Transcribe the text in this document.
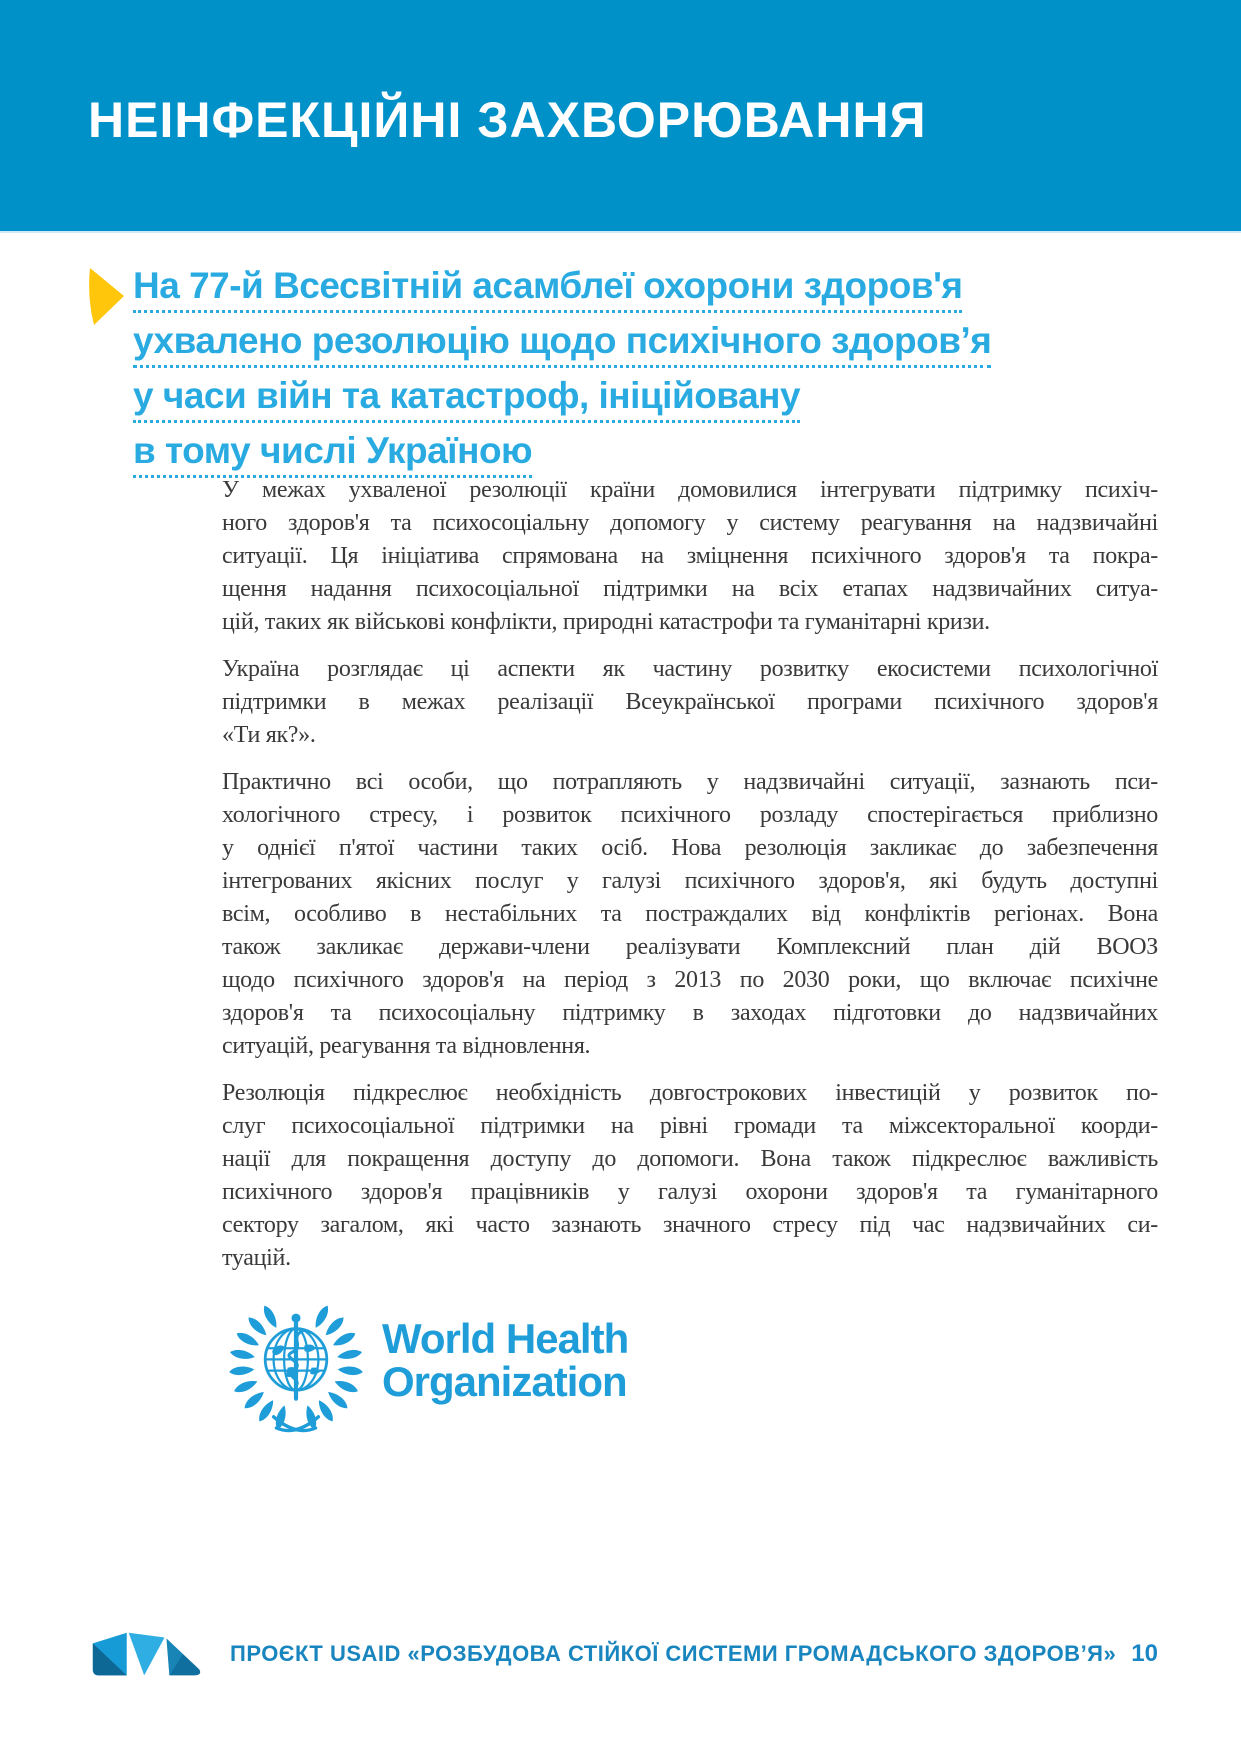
НЕІНФЕКЦІЙНІ ЗАХВОРЮВАННЯ
На 77-й Всесвітній асамблеї охорони здоров'я
ухвалено резолюцію щодо психічного здоров’я
у часи війн та катастроф, ініційовану
в тому числі Україною
У межах ухваленої резолюції країни домовилися інтегрувати підтримку психіч-
ного здоров'я та психосоціальну допомогу у систему реагування на надзвичайні
ситуації. Ця ініціатива спрямована на зміцнення психічного здоров'я та покра-
щення надання психосоціальної підтримки на всіх етапах надзвичайних ситуа-
цій, таких як військові конфлікти, природні катастрофи та гуманітарні кризи.
Україна розглядає ці аспекти як частину розвитку екосистеми психологічної
підтримки в межах реалізації Всеукраїнської програми психічного здоров'я
«Ти як?».
Практично всі особи, що потрапляють у надзвичайні ситуації, зазнають пси-
хологічного стресу, і розвиток психічного розладу спостерігається приблизно
у однієї п'ятої частини таких осіб. Нова резолюція закликає до забезпечення
інтегрованих якісних послуг у галузі психічного здоров'я, які будуть доступні
всім, особливо в нестабільних та постраждалих від конфліктів регіонах. Вона
також закликає держави-члени реалізувати Комплексний план дій ВООЗ
щодо психічного здоров'я на період з 2013 по 2030 роки, що включає психічне
здоров'я та психосоціальну підтримку в заходах підготовки до надзвичайних
ситуацій, реагування та відновлення.
Резолюція підкреслює необхідність довгострокових інвестицій у розвиток по-
слуг психосоціальної підтримки на рівні громади та міжсекторальної коорди-
нації для покращення доступу до допомоги. Вона також підкреслює важливість
психічного здоров'я працівників у галузі охорони здоров'я та гуманітарного
сектору загалом, які часто зазнають значного стресу під час надзвичайних си-
туацій.
World Health
Organization
ПРОЄКТ USAID «РОЗБУДОВА СТІЙКОЇ СИСТЕМИ ГРОМАДСЬКОГО ЗДОРОВ’Я» 10
